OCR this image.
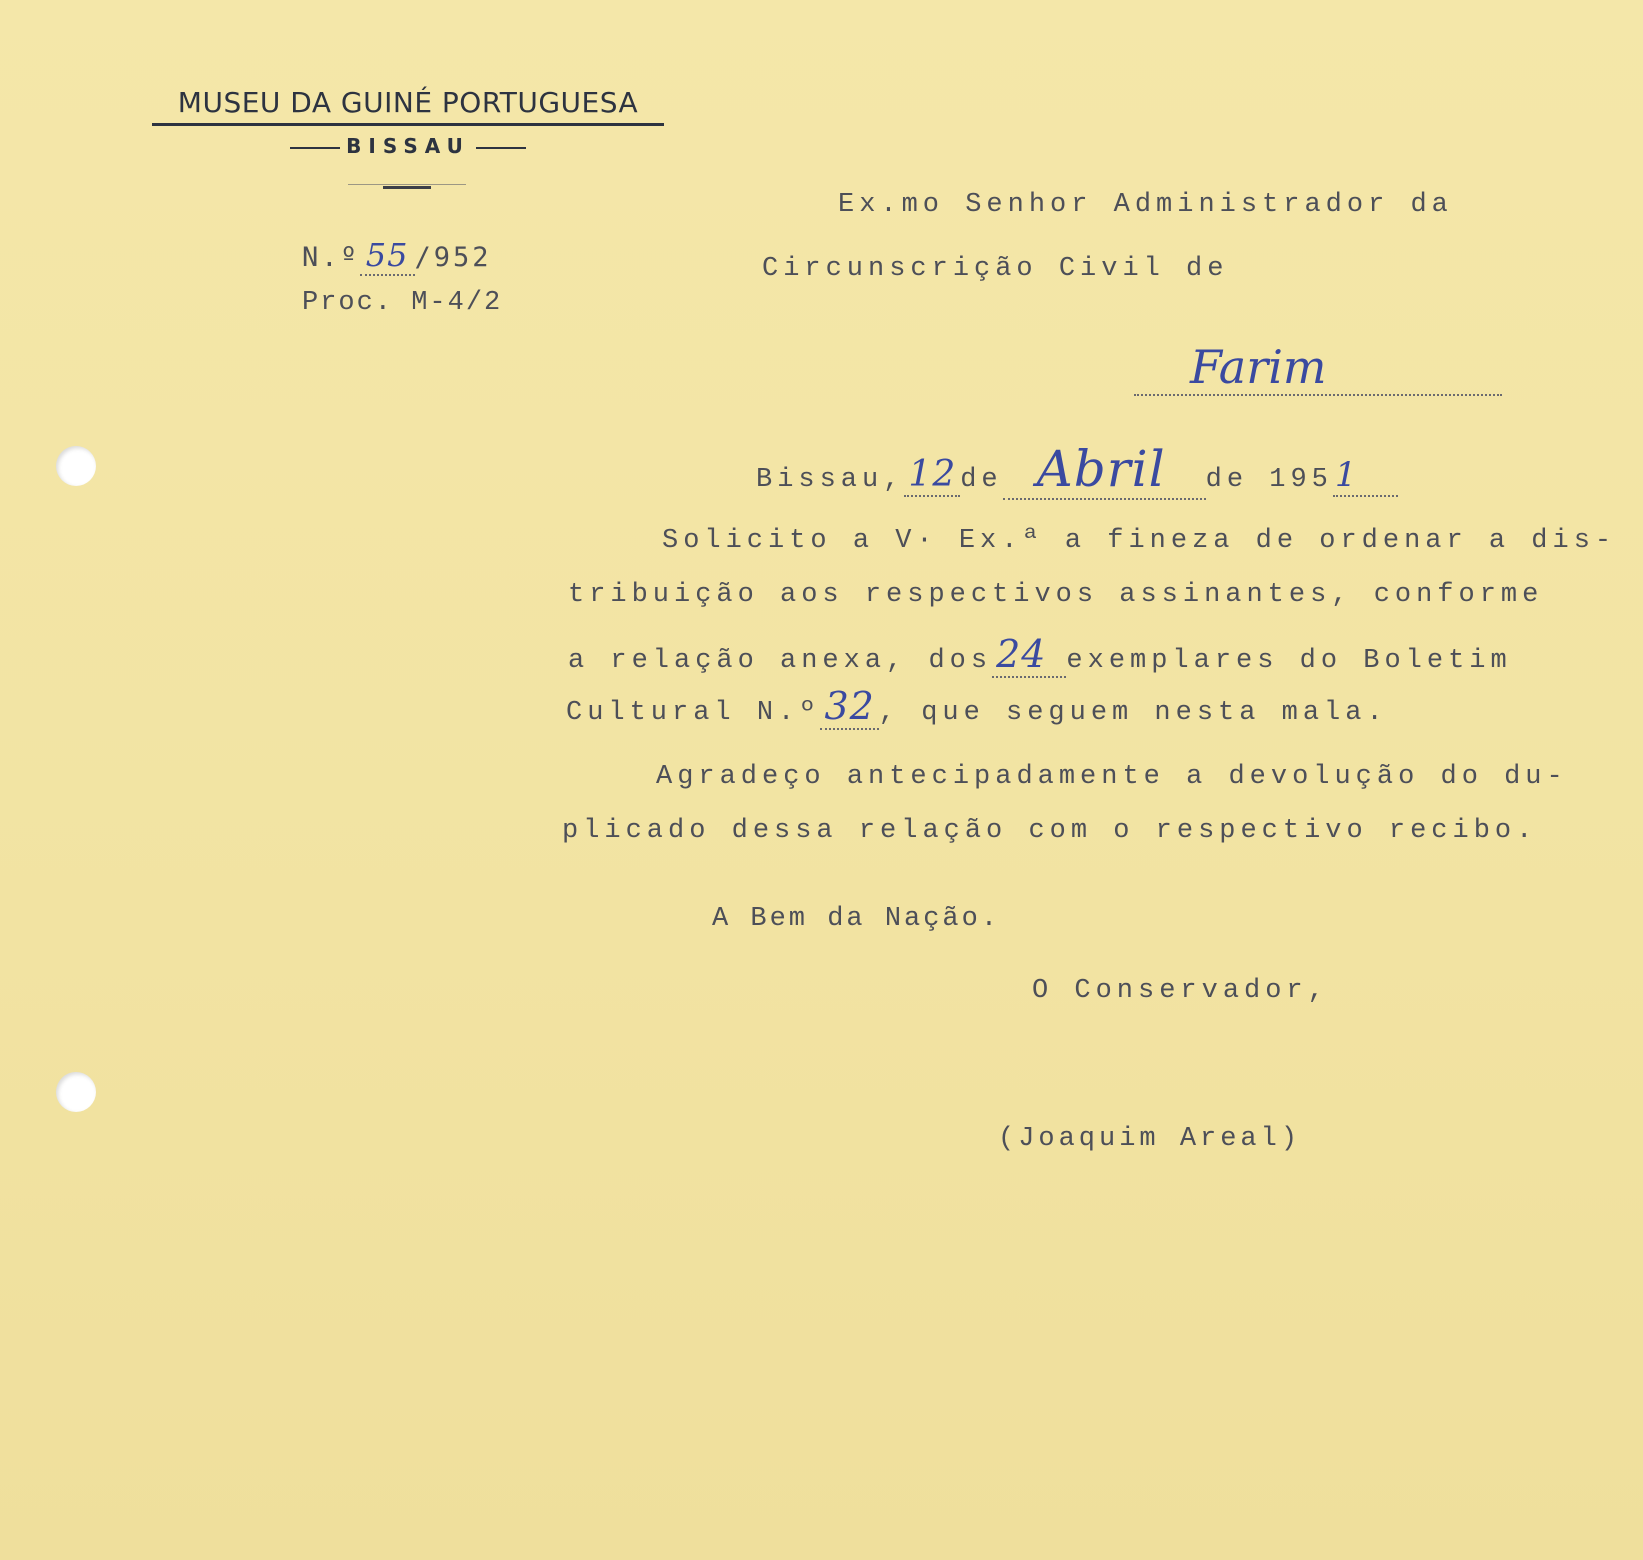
MUSEU DA GUINÉ PORTUGUESA
BISSAU
N.º 55 /952
Proc. M-4/2
Ex.mo Senhor Administrador da
Circunscrição Civil de
Farim
Bissau, 12 de Abril de 1951
Solicito a V· Ex.ª a fineza de ordenar a dis-
tribuição aos respectivos assinantes, conforme
a relação anexa, dos 24 exemplares do Boletim
Cultural N.º 32 , que seguem nesta mala.
Agradeço antecipadamente a devolução do du-
plicado dessa relação com o respectivo recibo.
A Bem da Nação.
O Conservador,
(Joaquim Areal)
